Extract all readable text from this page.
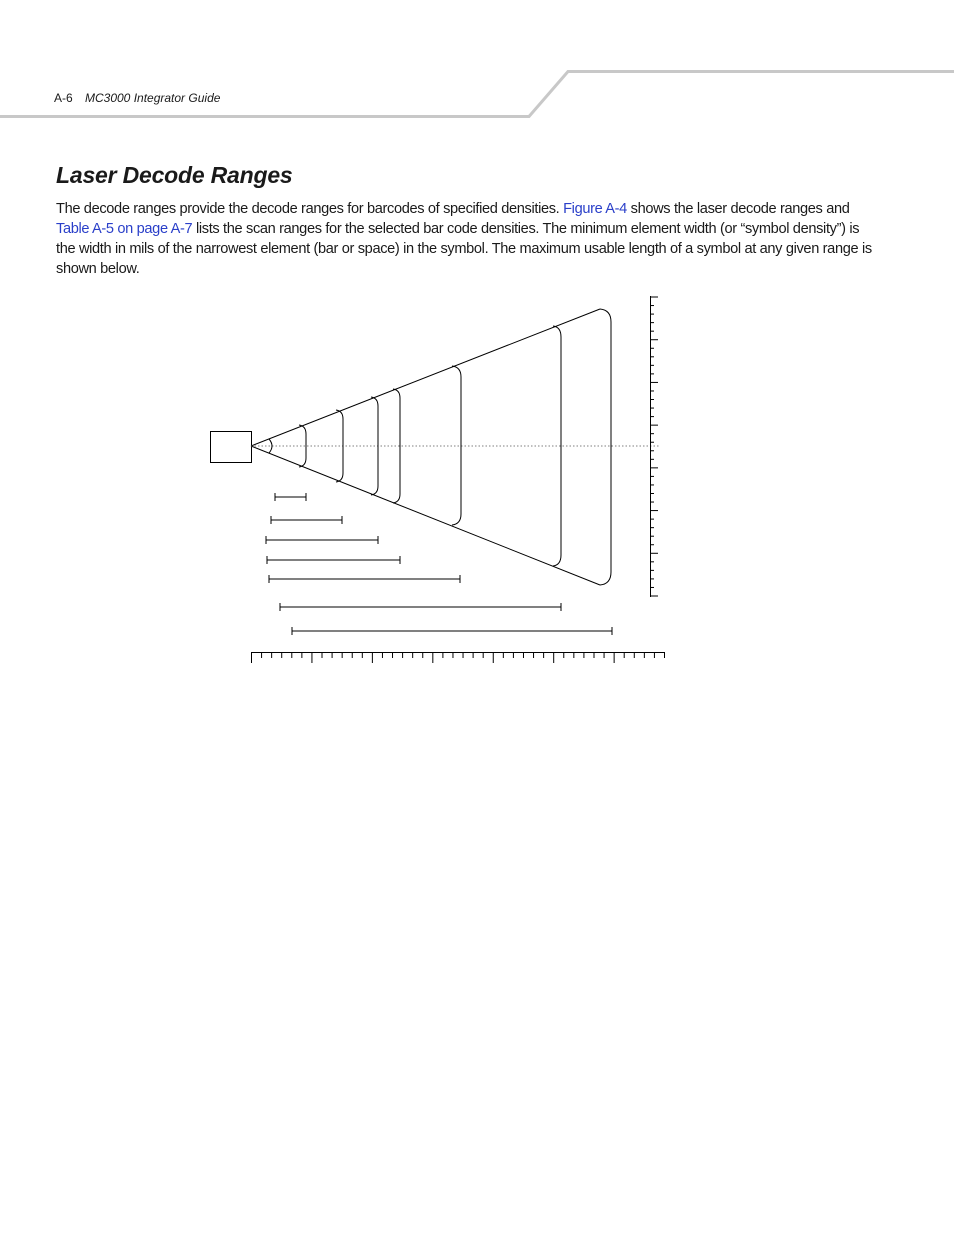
A-6 MC3000 Integrator Guide
Laser Decode Ranges

The decode ranges provide the decode ranges for barcodes of specified densities. Figure A-4 shows the laser decode ranges and Table A-5 on page A-7 lists the scan ranges for the selected bar code densities. The minimum element width (or “symbol density”) is the width in mils of the narrowest element (bar or space) in the symbol. The maximum usable length of a symbol at any given range is shown below.
